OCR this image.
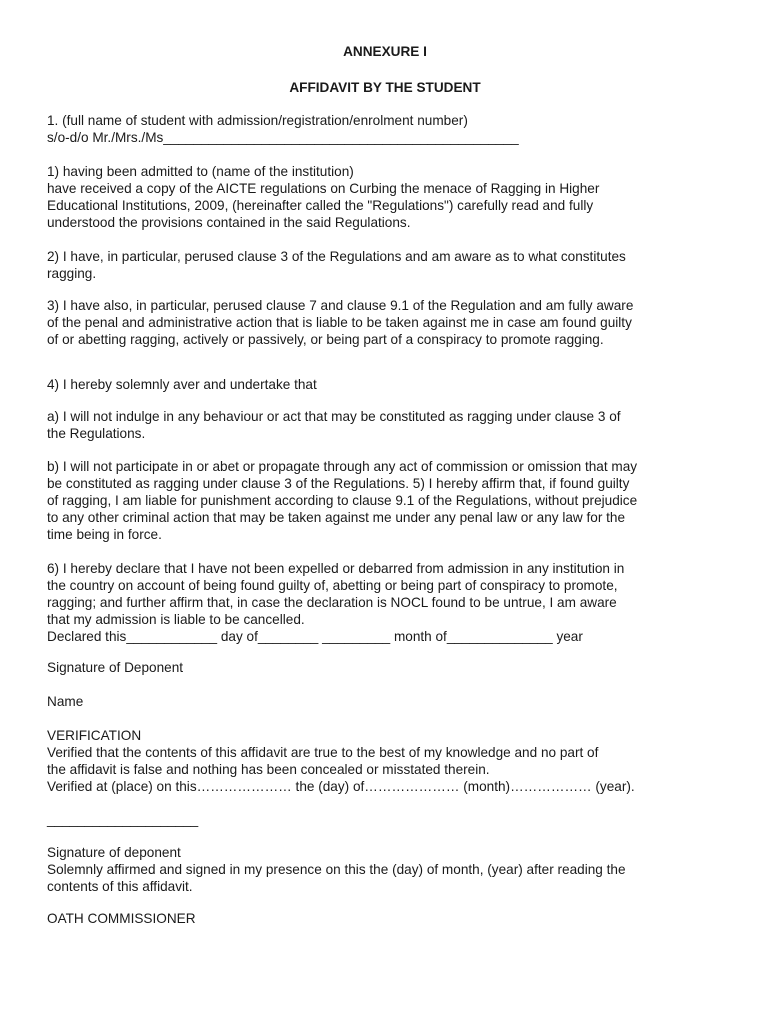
ANNEXURE I
AFFIDAVIT BY THE STUDENT
1. (full name of student with admission/registration/enrolment number)
s/o-d/o Mr./Mrs./Ms_______________________________________________
1) having been admitted to (name of the institution)
have received a copy of the AICTE regulations on Curbing the menace of Ragging in Higher
Educational Institutions, 2009, (hereinafter called the "Regulations") carefully read and fully
understood the provisions contained in the said Regulations.
2) I have, in particular, perused clause 3 of the Regulations and am aware as to what constitutes
ragging.
3) I have also, in particular, perused clause 7 and clause 9.1 of the Regulation and am fully aware
of the penal and administrative action that is liable to be taken against me in case am found guilty
of or abetting ragging, actively or passively, or being part of a conspiracy to promote ragging.
4) I hereby solemnly aver and undertake that
a) I will not indulge in any behaviour or act that may be constituted as ragging under clause 3 of
the Regulations.
b) I will not participate in or abet or propagate through any act of commission or omission that may
be constituted as ragging under clause 3 of the Regulations. 5) I hereby affirm that, if found guilty
of ragging, I am liable for punishment according to clause 9.1 of the Regulations, without prejudice
to any other criminal action that may be taken against me under any penal law or any law for the
time being in force.
6) I hereby declare that I have not been expelled or debarred from admission in any institution in
the country on account of being found guilty of, abetting or being part of conspiracy to promote,
ragging; and further affirm that, in case the declaration is NOCL found to be untrue, I am aware
that my admission is liable to be cancelled.
Declared this____________ day of________ _________ month of______________ year
Signature of Deponent
Name
VERIFICATION
Verified that the contents of this affidavit are true to the best of my knowledge and no part of
the affidavit is false and nothing has been concealed or misstated therein.
Verified at (place) on this………………… the (day) of………………… (month)……………… (year).
____________________
Signature of deponent
Solemnly affirmed and signed in my presence on this the (day) of month, (year) after reading the
contents of this affidavit.
OATH COMMISSIONER
